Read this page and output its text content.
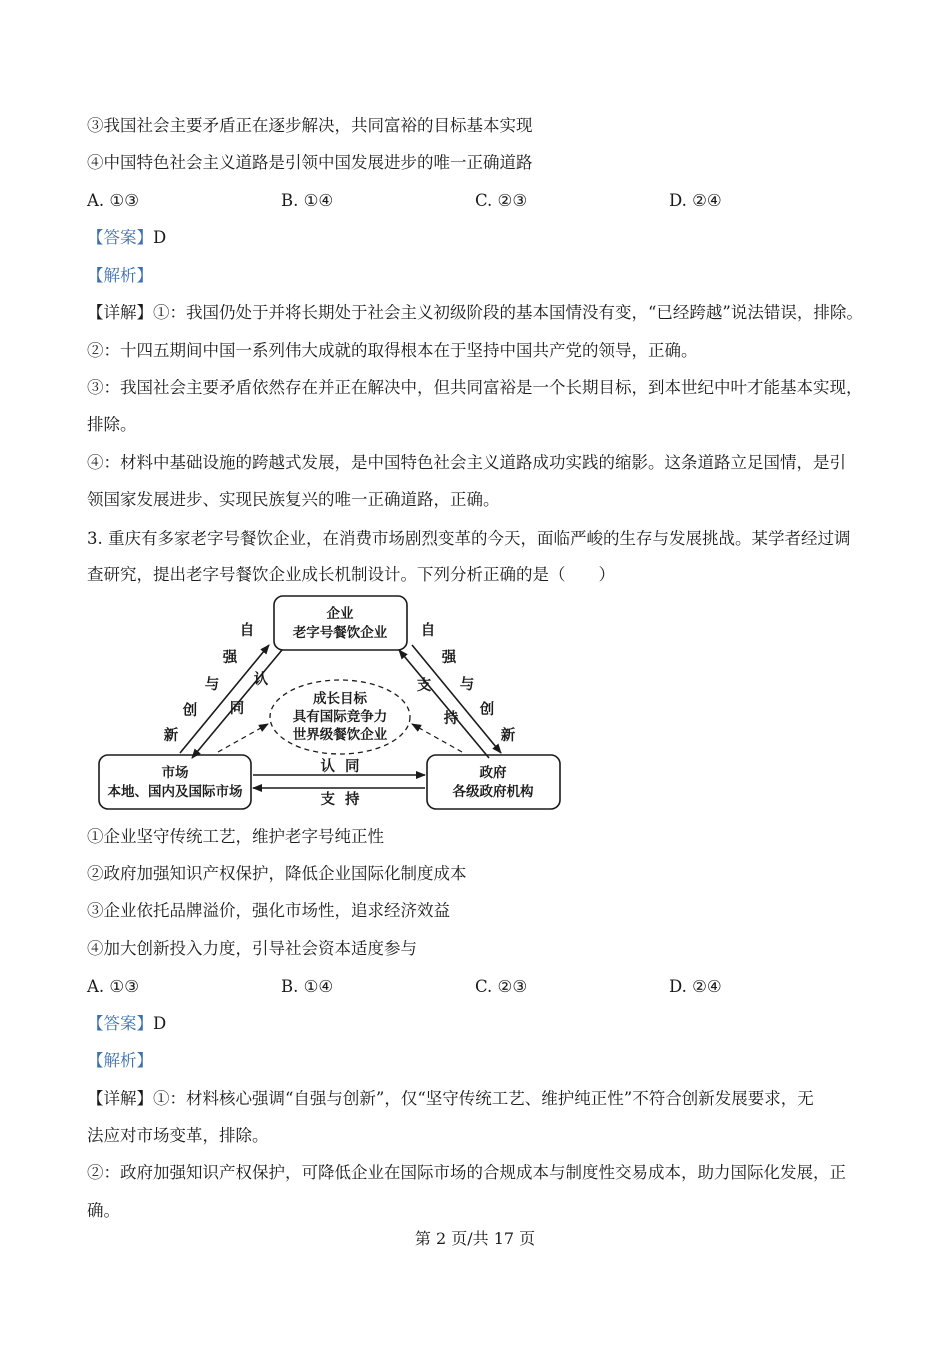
③我国社会主要矛盾正在逐步解决，共同富裕的目标基本实现
④中国特色社会主义道路是引领中国发展进步的唯一正确道路
A. ①③	B. ①④	C. ②③	D. ②④
【答案】D
【解析】
【详解】①：我国仍处于并将长期处于社会主义初级阶段的基本国情没有变，“已经跨越”说法错误，排除。
②：十四五期间中国一系列伟大成就的取得根本在于坚持中国共产党的领导，正确。
③：我国社会主要矛盾依然存在并正在解决中，但共同富裕是一个长期目标，到本世纪中叶才能基本实现，
排除。
④：材料中基础设施的跨越式发展，是中国特色社会主义道路成功实践的缩影。这条道路立足国情，是引
领国家发展进步、实现民族复兴的唯一正确道路，正确。
3. 重庆有多家老字号餐饮企业，在消费市场剧烈变革的今天，面临严峻的生存与发展挑战。某学者经过调
查研究，提出老字号餐饮企业成长机制设计。下列分析正确的是（　　）
企业
老字号餐饮企业
市场
本地、国内及国际市场
政府
各级政府机构
成长目标
具有国际竞争力
世界级餐饮企业
自
强
与
创
新
认
同
自
强
与
创
新
支
持
认  同
支  持
①企业坚守传统工艺，维护老字号纯正性
②政府加强知识产权保护，降低企业国际化制度成本
③企业依托品牌溢价，强化市场性，追求经济效益
④加大创新投入力度，引导社会资本适度参与
A. ①③	B. ①④	C. ②③	D. ②④
【答案】D
【解析】
【详解】①：材料核心强调“自强与创新”，仅“坚守传统工艺、维护纯正性”不符合创新发展要求，无
法应对市场变革，排除。
②：政府加强知识产权保护，可降低企业在国际市场的合规成本与制度性交易成本，助力国际化发展，正
确。
第 2 页/共 17 页
